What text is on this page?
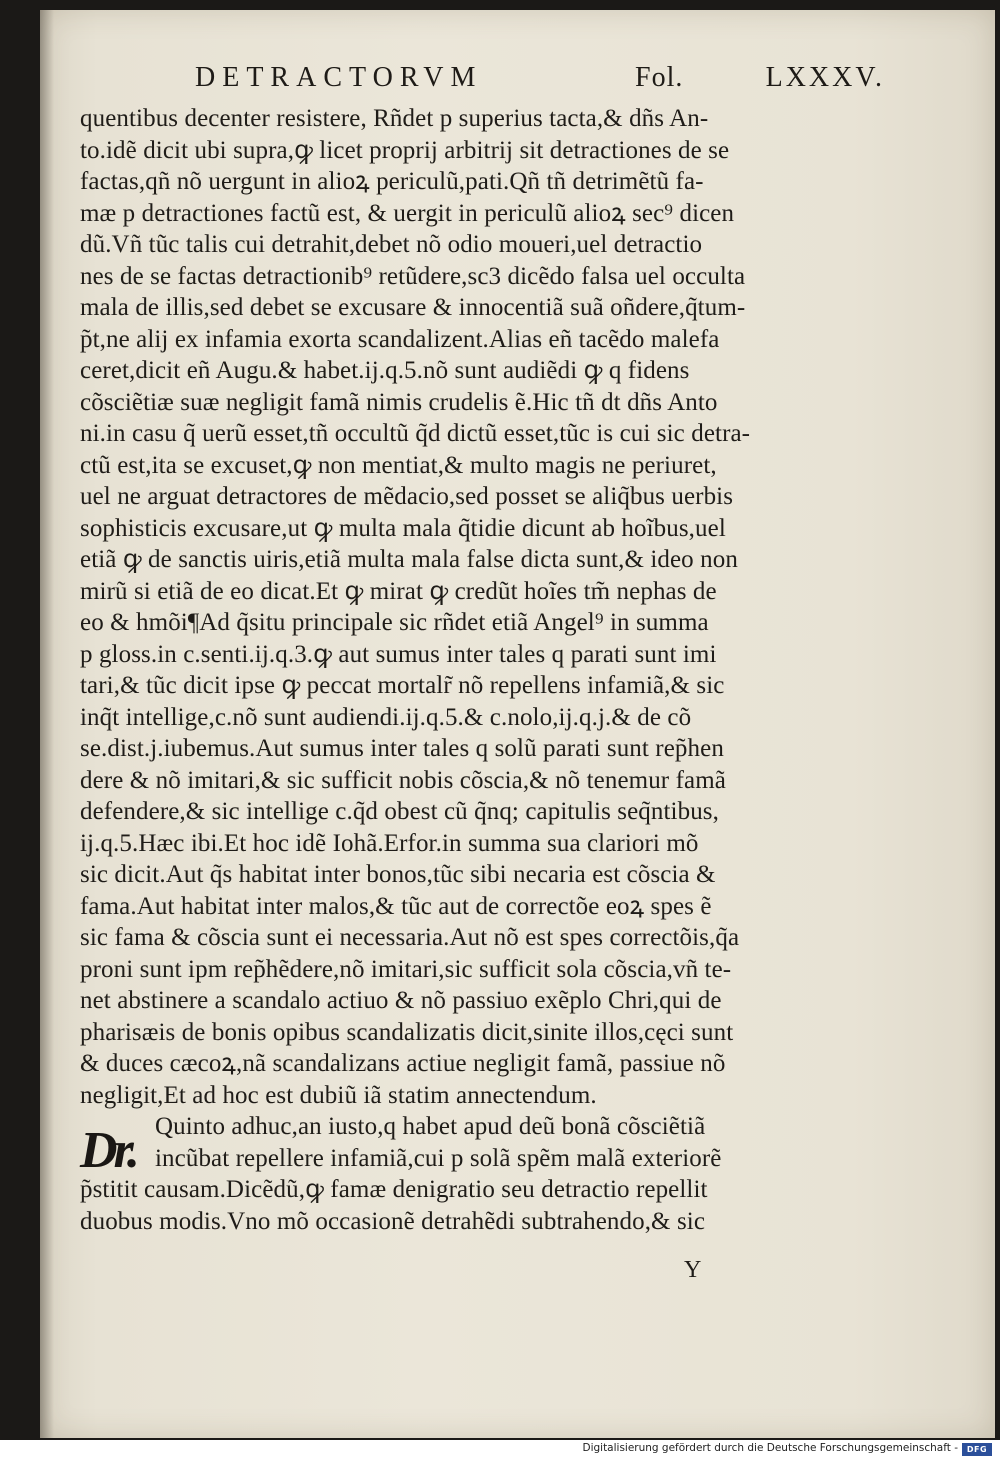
DETRACTORVM	Fol.	LXXXV.
quentibus decenter resistere, Rñdet p superius tacta,& dñs An-
to.idẽ dicit ubi supra,ꝙ licet proprij arbitrij sit detractiones de se
factas,qñ nõ uergunt in alioꝝ periculũ,pati.Qñ tñ detrimẽtũ fa-
mæ p detractiones factũ est, & uergit in periculũ alioꝝ sec⁹ dicen
dũ.Vñ tũc talis cui detrahit,debet nõ odio moueri,uel detractio
nes de se factas detractionib⁹ retũdere,sc3 dicẽdo falsa uel occulta
mala de illis,sed debet se excusare & innocentiã suã oñdere,q̃tum-
p̃t,ne alij ex infamia exorta scandalizent.Alias eñ tacẽdo malefa
ceret,dicit eñ Augu.& habet.ij.q.5.nõ sunt audiẽdi ꝙ q fidens
cõsciẽtiæ suæ negligit famã nimis crudelis ẽ.Hic tñ dt dñs Anto
ni.in casu q̃ uerũ esset,tñ occultũ q̃d dictũ esset,tũc is cui sic detra-
ctũ est,ita se excuset,ꝙ non mentiat,& multo magis ne periuret,
uel ne arguat detractores de mẽdacio,sed posset se aliq̃bus uerbis
sophisticis excusare,ut ꝙ multa mala q̃tidie dicunt ab hoĩbus,uel
etiã ꝙ de sanctis uiris,etiã multa mala false dicta sunt,& ideo non
mirũ si etiã de eo dicat.Et ꝙ mirat ꝙ credũt hoĩes tm̃ nephas de
eo & hmõi¶Ad q̃situ principale sic rñdet etiã Angel⁹ in summa
p gloss.in c.senti.ij.q.3.ꝙ aut sumus inter tales q parati sunt imi
tari,& tũc dicit ipse ꝙ peccat mortalr̃ nõ repellens infamiã,& sic
inq̃t intellige,c.nõ sunt audiendi.ij.q.5.& c.nolo,ij.q.j.& de cõ
se.dist.j.iubemus.Aut sumus inter tales q solũ parati sunt rep̃hen
dere & nõ imitari,& sic sufficit nobis cõscia,& nõ tenemur famã
defendere,& sic intellige c.q̃d obest cũ q̃nq; capitulis seq̃ntibus,
ij.q.5.Hæc ibi.Et hoc idẽ Iohã.Erfor.in summa sua clariori mõ
sic dicit.Aut q̃s habitat inter bonos,tũc sibi necaria est cõscia &
fama.Aut habitat inter malos,& tũc aut de correctõe eoꝝ spes ẽ
sic fama & cõscia sunt ei necessaria.Aut nõ est spes correctõis,q̃a
proni sunt ipm rep̃hẽdere,nõ imitari,sic sufficit sola cõscia,vñ te-
net abstinere a scandalo actiuo & nõ passiuo exẽplo Chri,qui de
pharisæis de bonis opibus scandalizatis dicit,sinite illos,cęci sunt
& duces cæcoꝝ,nã scandalizans actiue negligit famã, passiue nõ
negligit,Et ad hoc est dubiũ iã statim annectendum.
Quinto adhuc,an iusto,q habet apud deũ bonã cõsciẽtiã
incũbat repellere infamiã,cui p solã spẽm malã exteriorẽ
p̃stitit causam.Dicẽdũ,ꝙ famæ denigratio seu detractio repellit
duobus modis.Vno mõ occasionẽ detrahẽdi subtrahendo,& sic
Dr.
Y
Digitalisierung gefördert durch die Deutsche Forschungsgemeinschaft -	DFG
